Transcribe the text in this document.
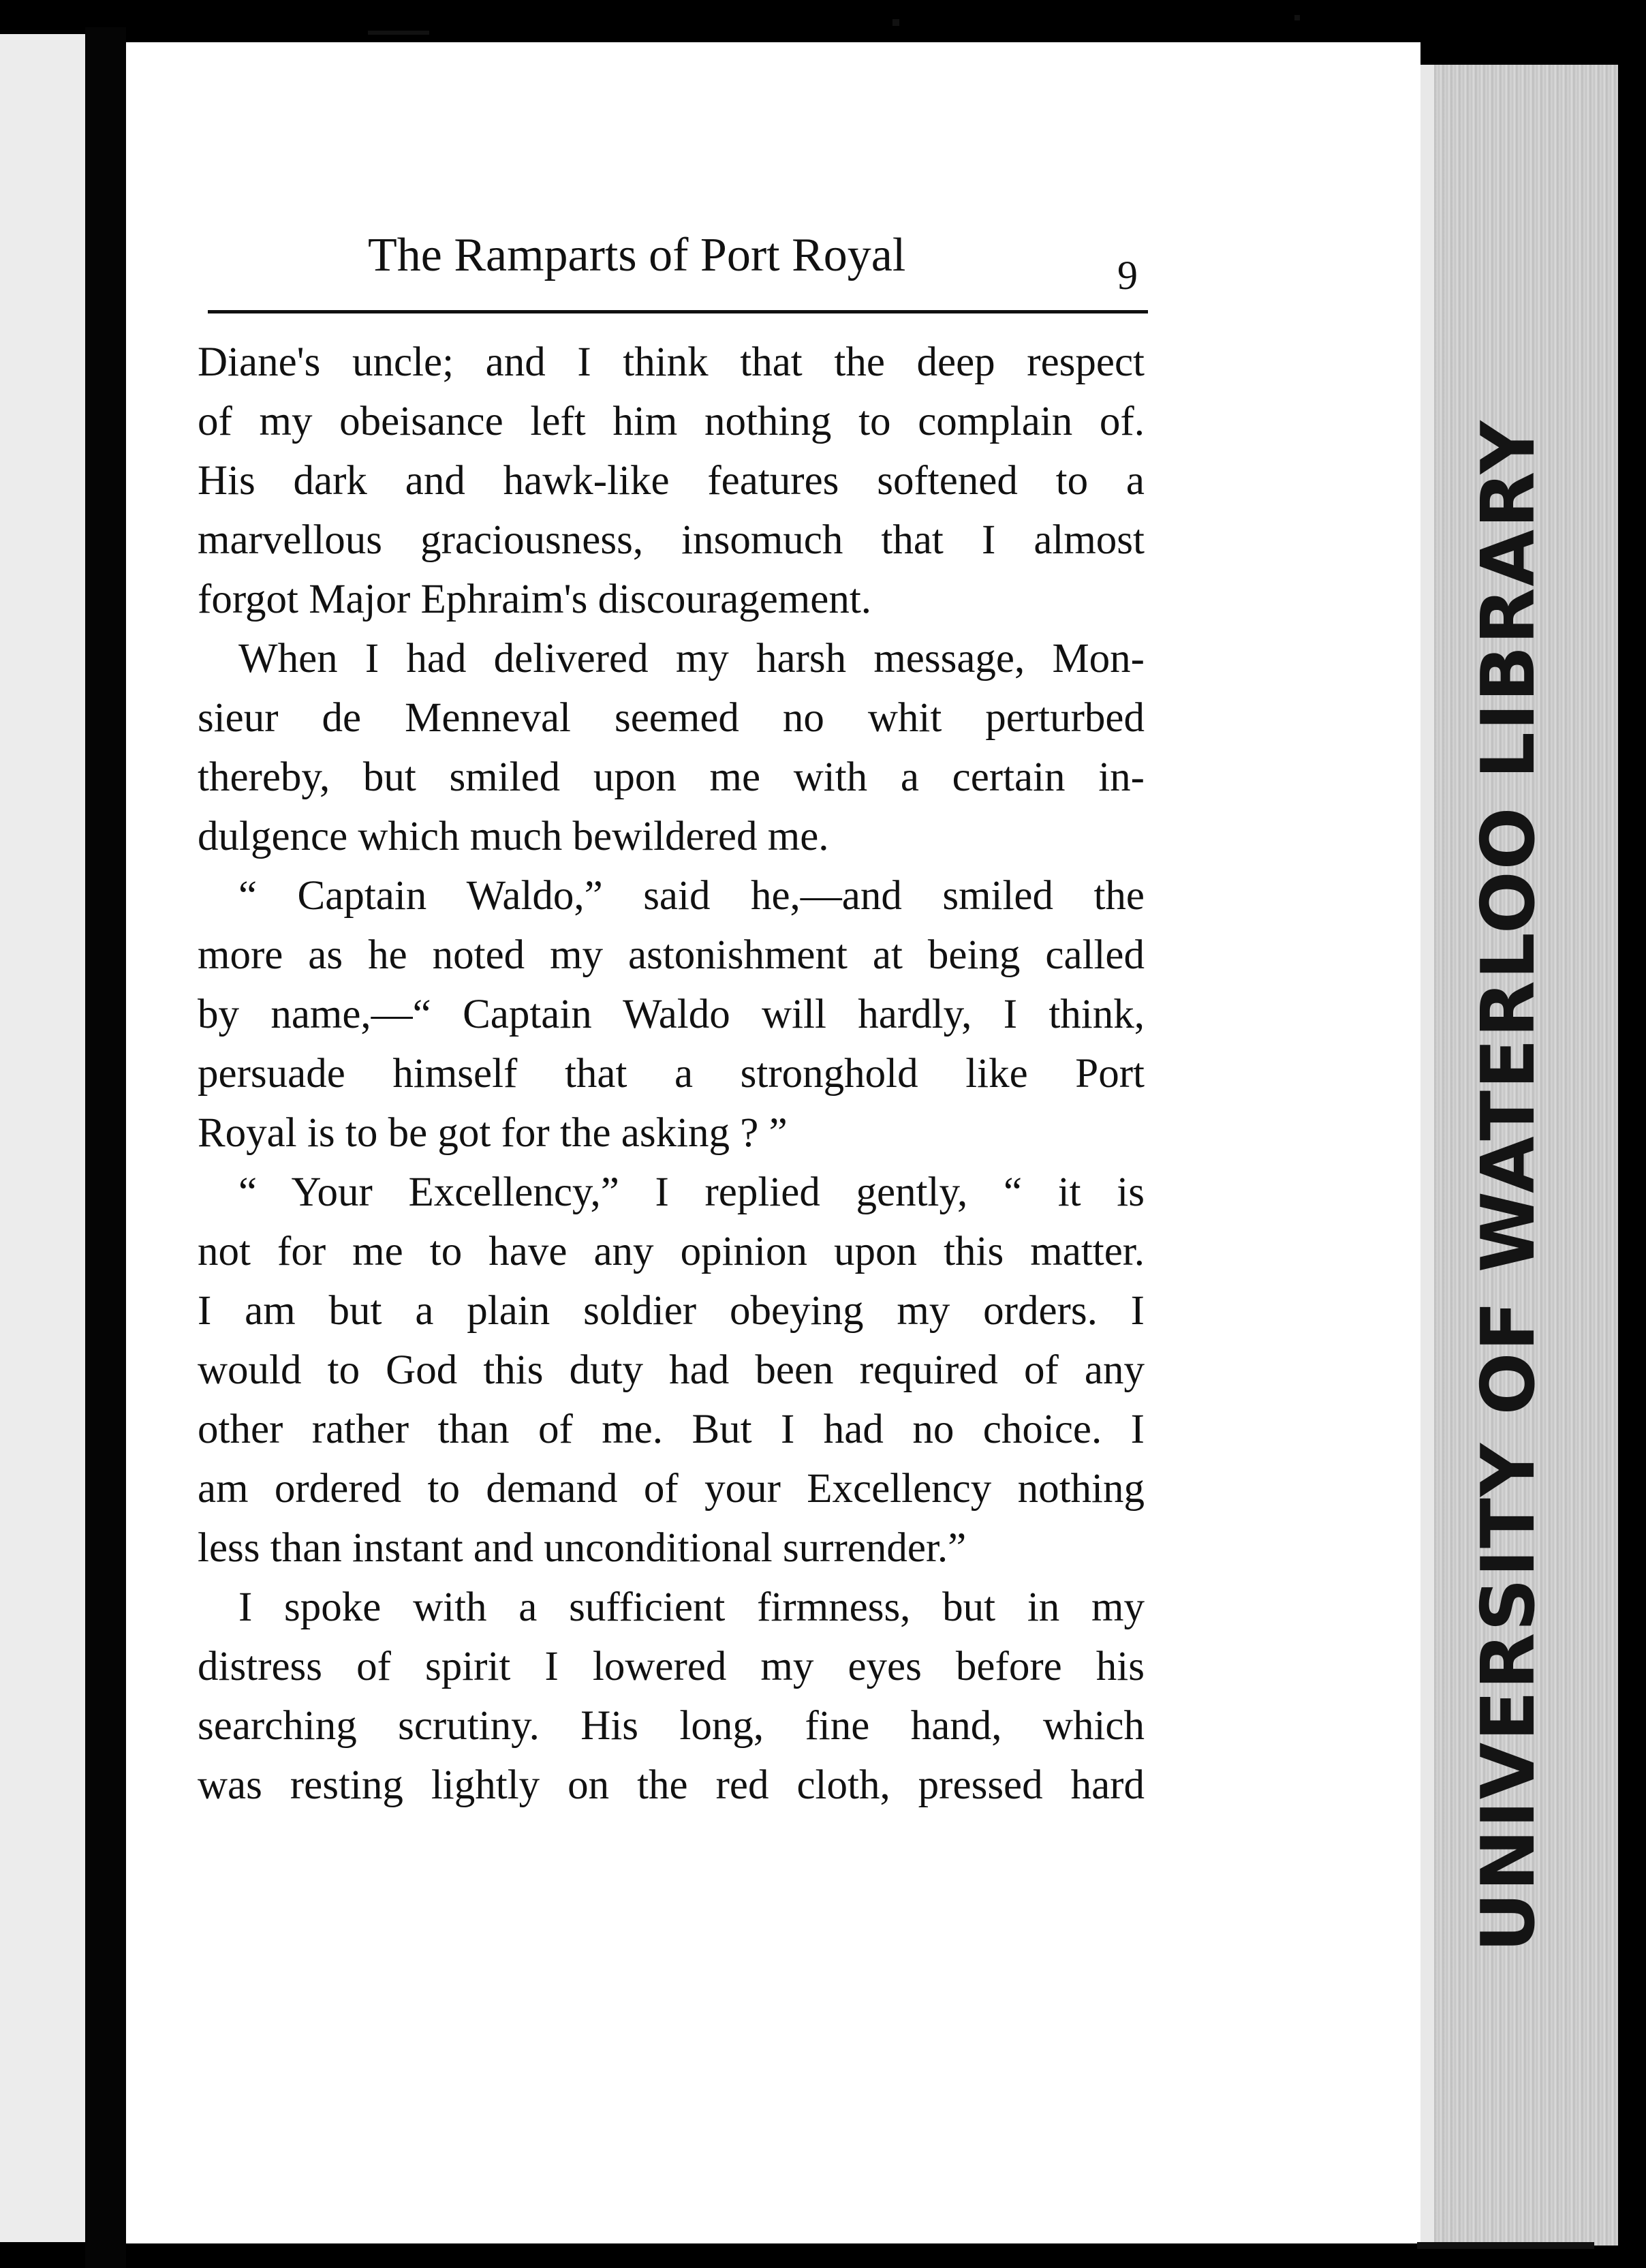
UNIVERSITY OF WATERLOO LIBRARY
The Ramparts of Port Royal	9
Diane's uncle; and I think that the deep respect
of my obeisance left him nothing to complain of.
His dark and hawk-like features softened to a
marvellous graciousness, insomuch that I almost
forgot Major Ephraim's discouragement.
When I had delivered my harsh message, Mon-
sieur de Menneval seemed no whit perturbed
thereby, but smiled upon me with a certain in-
dulgence which much bewildered me.
“ Captain Waldo,” said he,—and smiled the
more as he noted my astonishment at being called
by name,—“ Captain Waldo will hardly, I think,
persuade himself that a stronghold like Port
Royal is to be got for the asking ? ”
“ Your Excellency,” I replied gently, “ it is
not for me to have any opinion upon this matter.
I am but a plain soldier obeying my orders. I
would to God this duty had been required of any
other rather than of me. But I had no choice. I
am ordered to demand of your Excellency nothing
less than instant and unconditional surrender.”
I spoke with a sufficient firmness, but in my
distress of spirit I lowered my eyes before his
searching scrutiny. His long, fine hand, which
was resting lightly on the red cloth, pressed hard
